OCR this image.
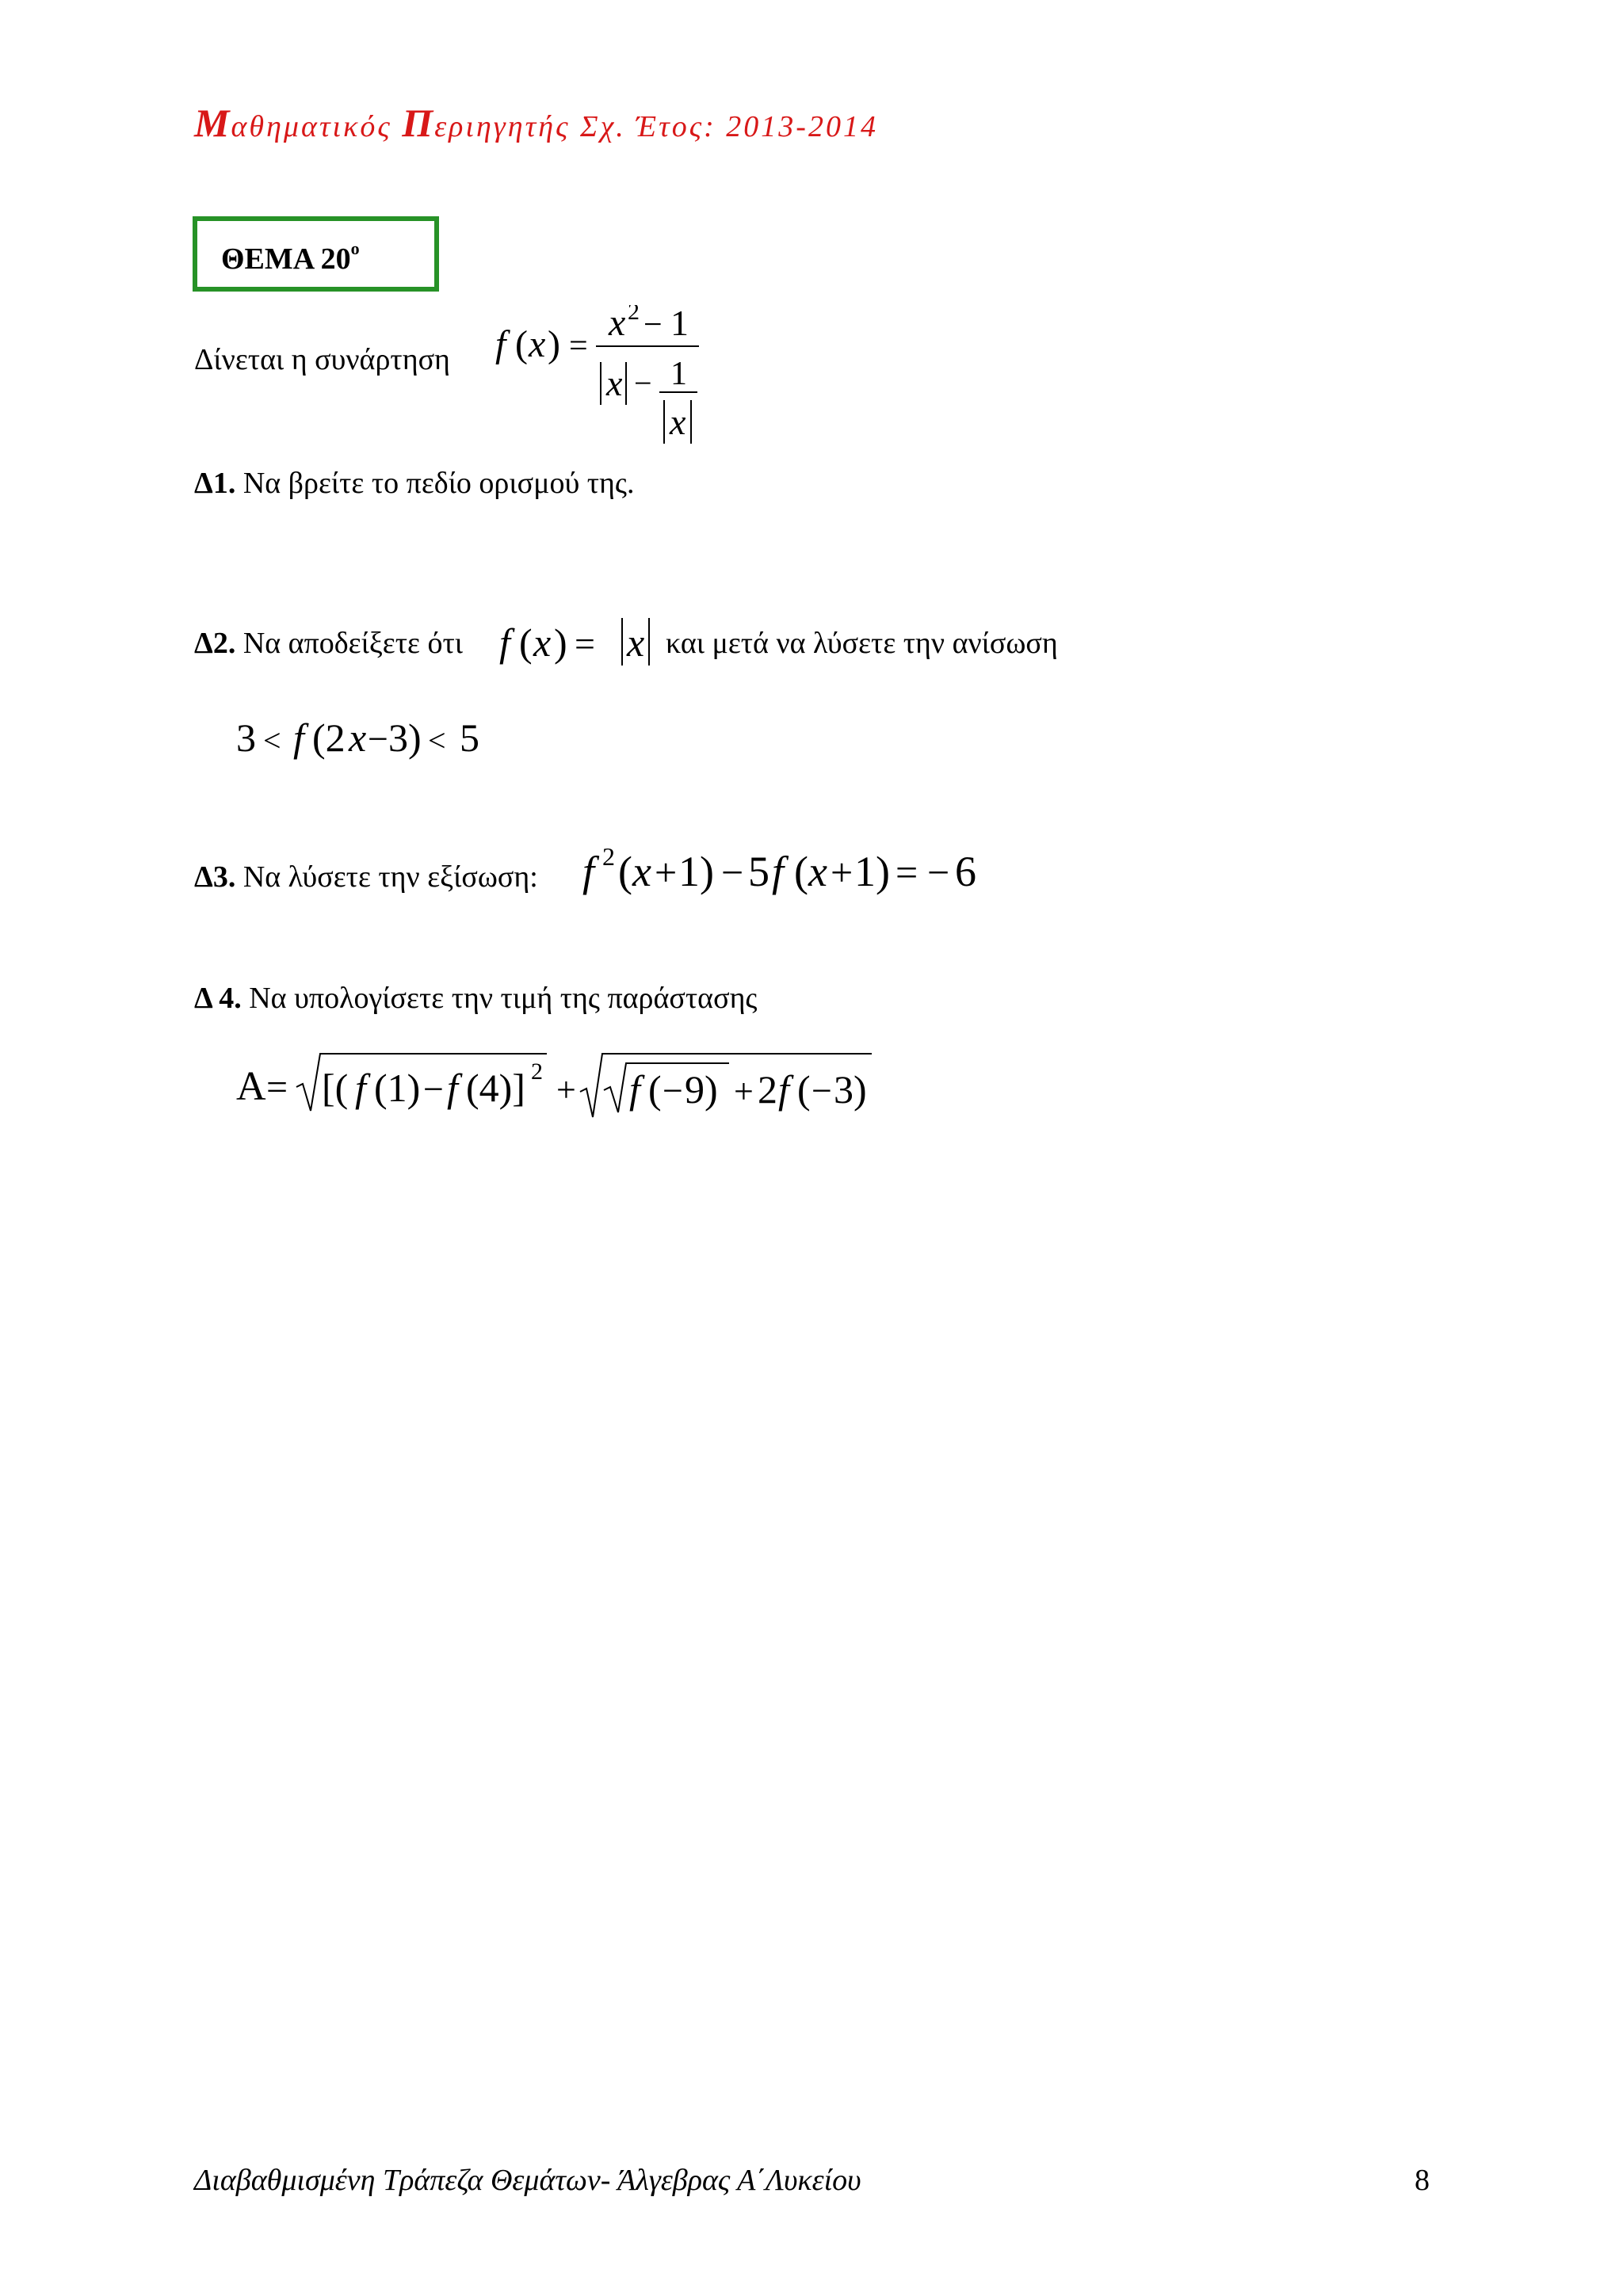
Μαθηματικός Περιηγητής Σχ. Έτος: 2013-2014
ΘΕΜΑ $20^o$
Δίνεται η συνάρτηση f ( x ) =
x 2 − 1
x − 1
x
Δ1. Να βρείτε το πεδίο ορισμού της.
Δ2. Να αποδείξετε ότι f ( x ) = x και μετά να λύσετε την ανίσωση
3 < f (2 x − 3) < 5
Δ3. Να λύσετε την εξίσωση: f 2 ( x + 1) − 5 f ( x + 1) = − 6
Δ 4. Να υπολογίσετε την τιμή της παράστασης
Α = [( f (1) − f (4)] 2 + f ( − 9) + 2 f ( − 3)
Διαβαθμισμένη Τράπεζα Θεμάτων- Άλγεβρας Α΄Λυκείου	8
